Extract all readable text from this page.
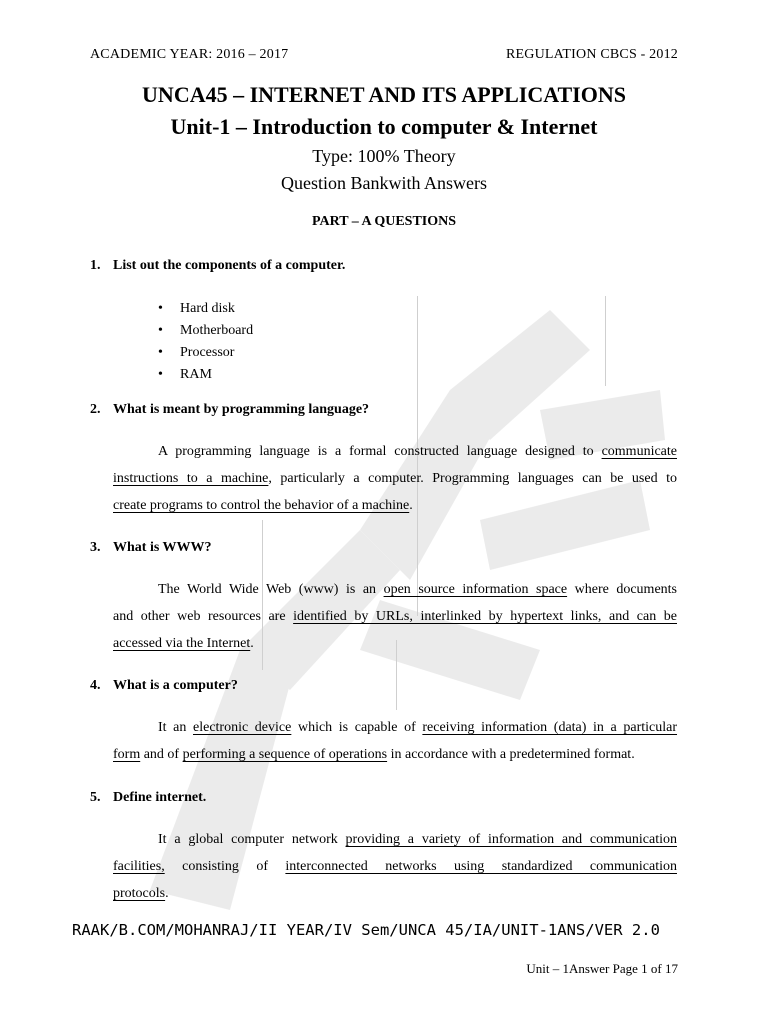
ACADEMIC YEAR: 2016 – 2017	REGULATION CBCS - 2012
UNCA45 – INTERNET AND ITS APPLICATIONS
Unit-1 – Introduction to computer & Internet
Type: 100% Theory
Question Bankwith Answers
PART – A QUESTIONS
1. List out the components of a computer.
• Hard disk
• Motherboard
• Processor
• RAM
2. What is meant by programming language?
A programming language is a formal constructed language designed to communicate
instructions to a machine, particularly a computer. Programming languages can be used to
create programs to control the behavior of a machine.
3. What is WWW?
The World Wide Web (www) is an open source information space where documents
and other web resources are identified by URLs, interlinked by hypertext links, and can be
accessed via the Internet.
4. What is a computer?
It an electronic device which is capable of receiving information (data) in a particular
form and of performing a sequence of operations in accordance with a predetermined format.
5. Define internet.
It a global computer network providing a variety of information and communication
facilities, consisting of interconnected networks using standardized communication
protocols.
RAAK/B.COM/MOHANRAJ/II YEAR/IV Sem/UNCA 45/IA/UNIT-1ANS/VER 2.0
Unit – 1Answer Page 1 of 17
